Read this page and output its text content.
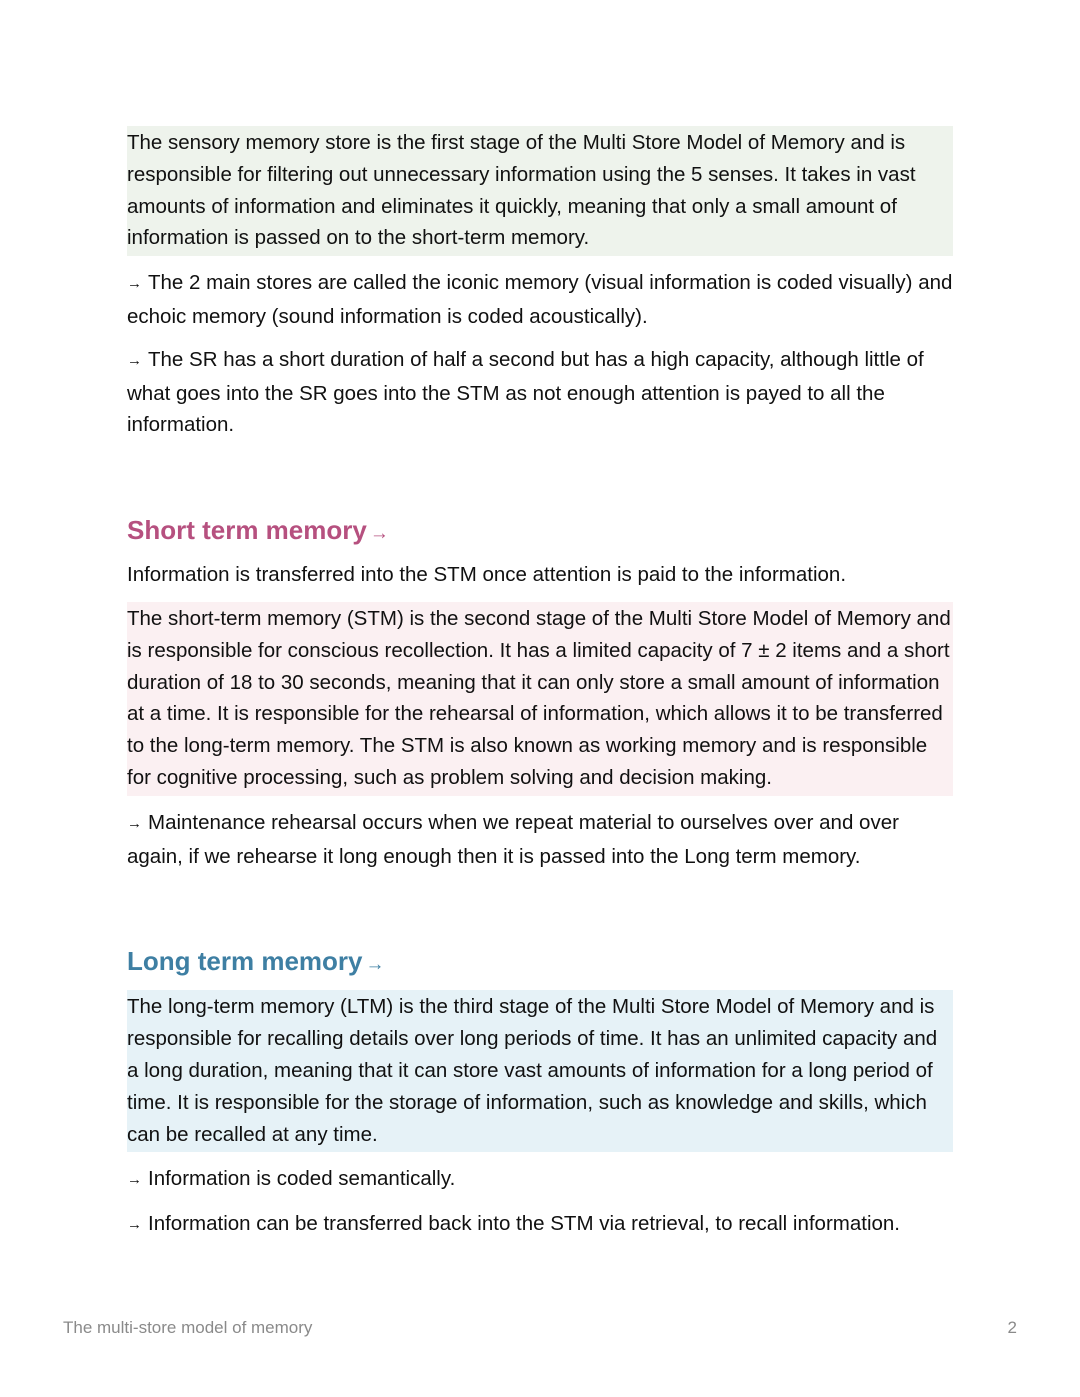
The sensory memory store is the first stage of the Multi Store Model of Memory and is responsible for filtering out unnecessary information using the 5 senses. It takes in vast amounts of information and eliminates it quickly, meaning that only a small amount of information is passed on to the short-term memory.

→ The 2 main stores are called the iconic memory (visual information is coded visually) and echoic memory (sound information is coded acoustically).

→ The SR has a short duration of half a second but has a high capacity, although little of what goes into the SR goes into the STM as not enough attention is payed to all the information.

Short term memory →

Information is transferred into the STM once attention is paid to the information.

The short-term memory (STM) is the second stage of the Multi Store Model of Memory and is responsible for conscious recollection. It has a limited capacity of 7 ± 2 items and a short duration of 18 to 30 seconds, meaning that it can only store a small amount of information at a time. It is responsible for the rehearsal of information, which allows it to be transferred to the long-term memory. The STM is also known as working memory and is responsible for cognitive processing, such as problem solving and decision making.

→ Maintenance rehearsal occurs when we repeat material to ourselves over and over again, if we rehearse it long enough then it is passed into the Long term memory.

Long term memory →

The long-term memory (LTM) is the third stage of the Multi Store Model of Memory and is responsible for recalling details over long periods of time. It has an unlimited capacity and a long duration, meaning that it can store vast amounts of information for a long period of time. It is responsible for the storage of information, such as knowledge and skills, which can be recalled at any time.

→ Information is coded semantically.

→ Information can be transferred back into the STM via retrieval, to recall information.

The multi-store model of memory	2
